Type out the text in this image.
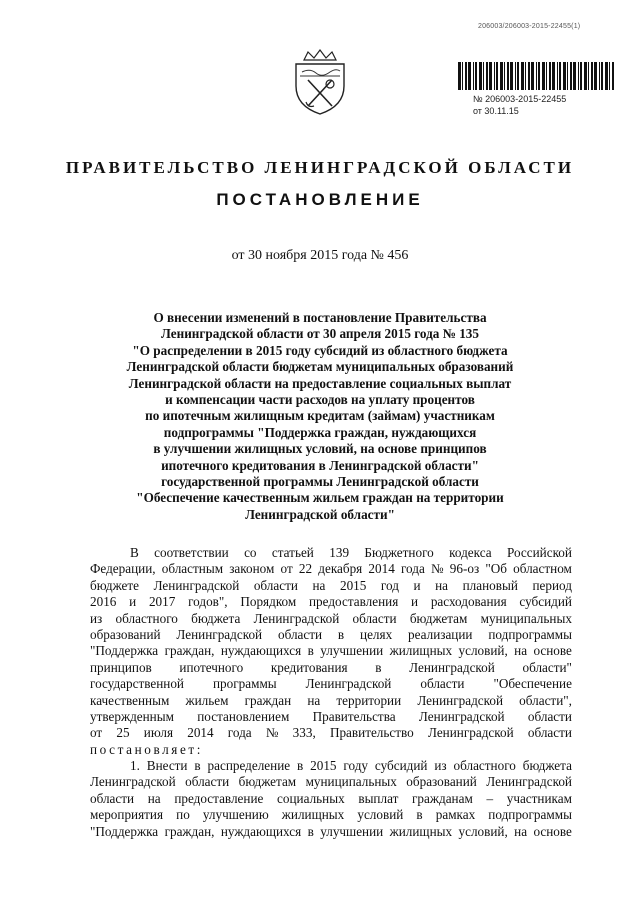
206003/206003-2015-22455(1)
№ 206003-2015-22455
от 30.11.15
ПРАВИТЕЛЬСТВО ЛЕНИНГРАДСКОЙ ОБЛАСТИ
ПОСТАНОВЛЕНИЕ
от 30 ноября 2015 года № 456
О внесении изменений в постановление Правительства
Ленинградской области от 30 апреля 2015 года № 135
"О распределении в 2015 году субсидий из областного бюджета
Ленинградской области бюджетам муниципальных образований
Ленинградской области на предоставление социальных выплат
и компенсации части расходов на уплату процентов
по ипотечным жилищным кредитам (займам) участникам
подпрограммы "Поддержка граждан, нуждающихся
в улучшении жилищных условий, на основе принципов
ипотечного кредитования в Ленинградской области"
государственной программы Ленинградской области
"Обеспечение качественным жильем граждан на территории
Ленинградской области"
В соответствии со статьей 139 Бюджетного кодекса Российской
Федерации, областным законом от 22 декабря 2014 года № 96-оз "Об областном
бюджете Ленинградской области на 2015 год и на плановый период
2016 и 2017 годов", Порядком предоставления и расходования субсидий
из областного бюджета Ленинградской области бюджетам муниципальных
образований Ленинградской области в целях реализации подпрограммы
"Поддержка граждан, нуждающихся в улучшении жилищных условий, на основе
принципов ипотечного кредитования в Ленинградской области"
государственной программы Ленинградской области "Обеспечение
качественным жильем граждан на территории Ленинградской области",
утвержденным постановлением Правительства Ленинградской области
от 25 июля 2014 года № 333, Правительство Ленинградской области
постановляет:
1. Внести в распределение в 2015 году субсидий из областного бюджета
Ленинградской области бюджетам муниципальных образований Ленинградской
области на предоставление социальных выплат гражданам – участникам
мероприятия по улучшению жилищных условий в рамках подпрограммы
"Поддержка граждан, нуждающихся в улучшении жилищных условий, на основе
